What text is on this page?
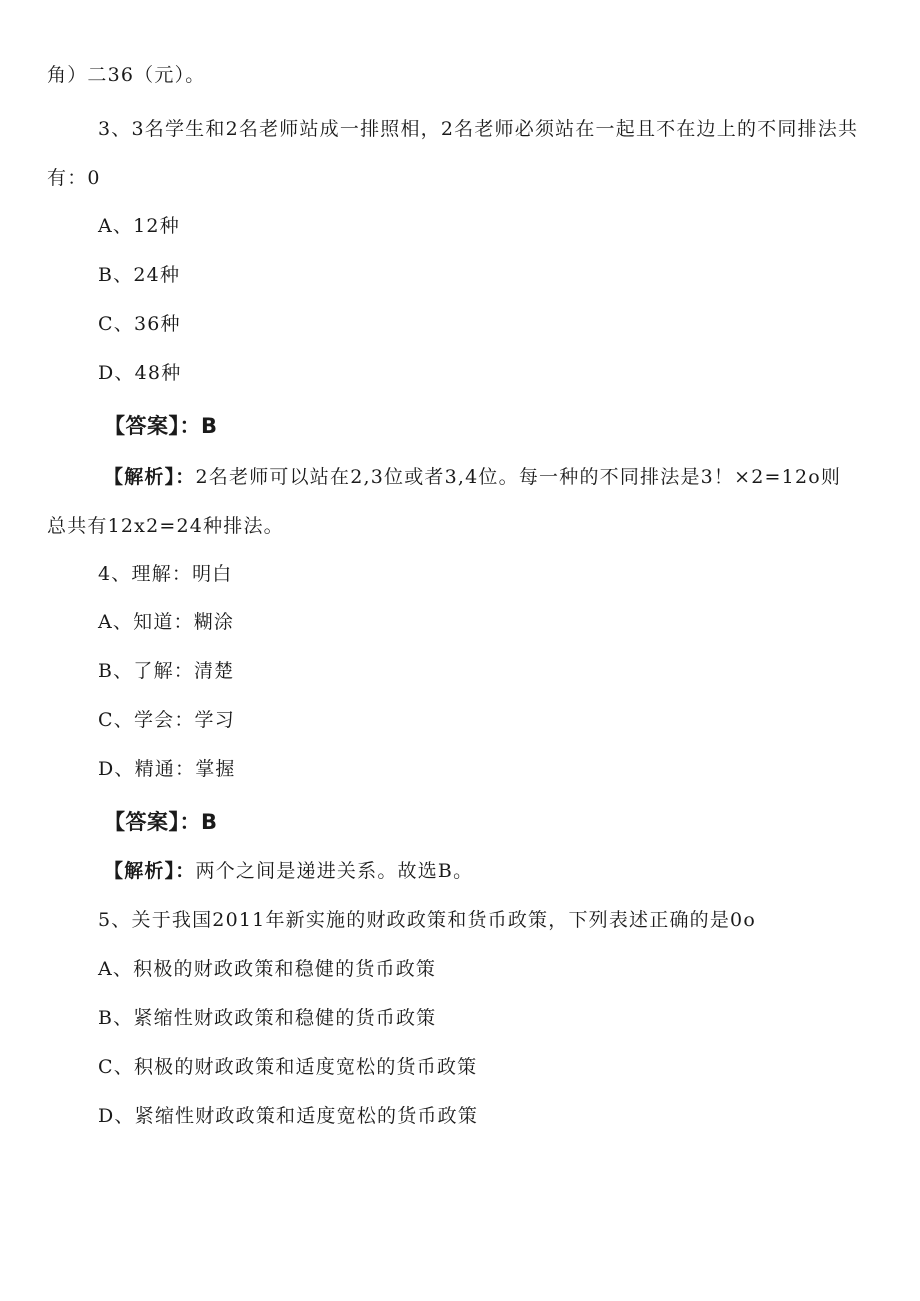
角）二36（元）。
3、3名学生和2名老师站成一排照相，2名老师必须站在一起且不在边上的不同排法共
有：0
A、12种
B、24种
C、36种
D、48种
【答案】：B
【解析】：2名老师可以站在2,3位或者3,4位。每一种的不同排法是3！×2=12o则
总共有12x2=24种排法。
4、理解：明白
A、知道：糊涂
B、了解：清楚
C、学会：学习
D、精通：掌握
【答案】：B
【解析】：两个之间是递进关系。故选B。
5、关于我国2011年新实施的财政政策和货币政策，下列表述正确的是0o
A、积极的财政政策和稳健的货币政策
B、紧缩性财政政策和稳健的货币政策
C、积极的财政政策和适度宽松的货币政策
D、紧缩性财政政策和适度宽松的货币政策
